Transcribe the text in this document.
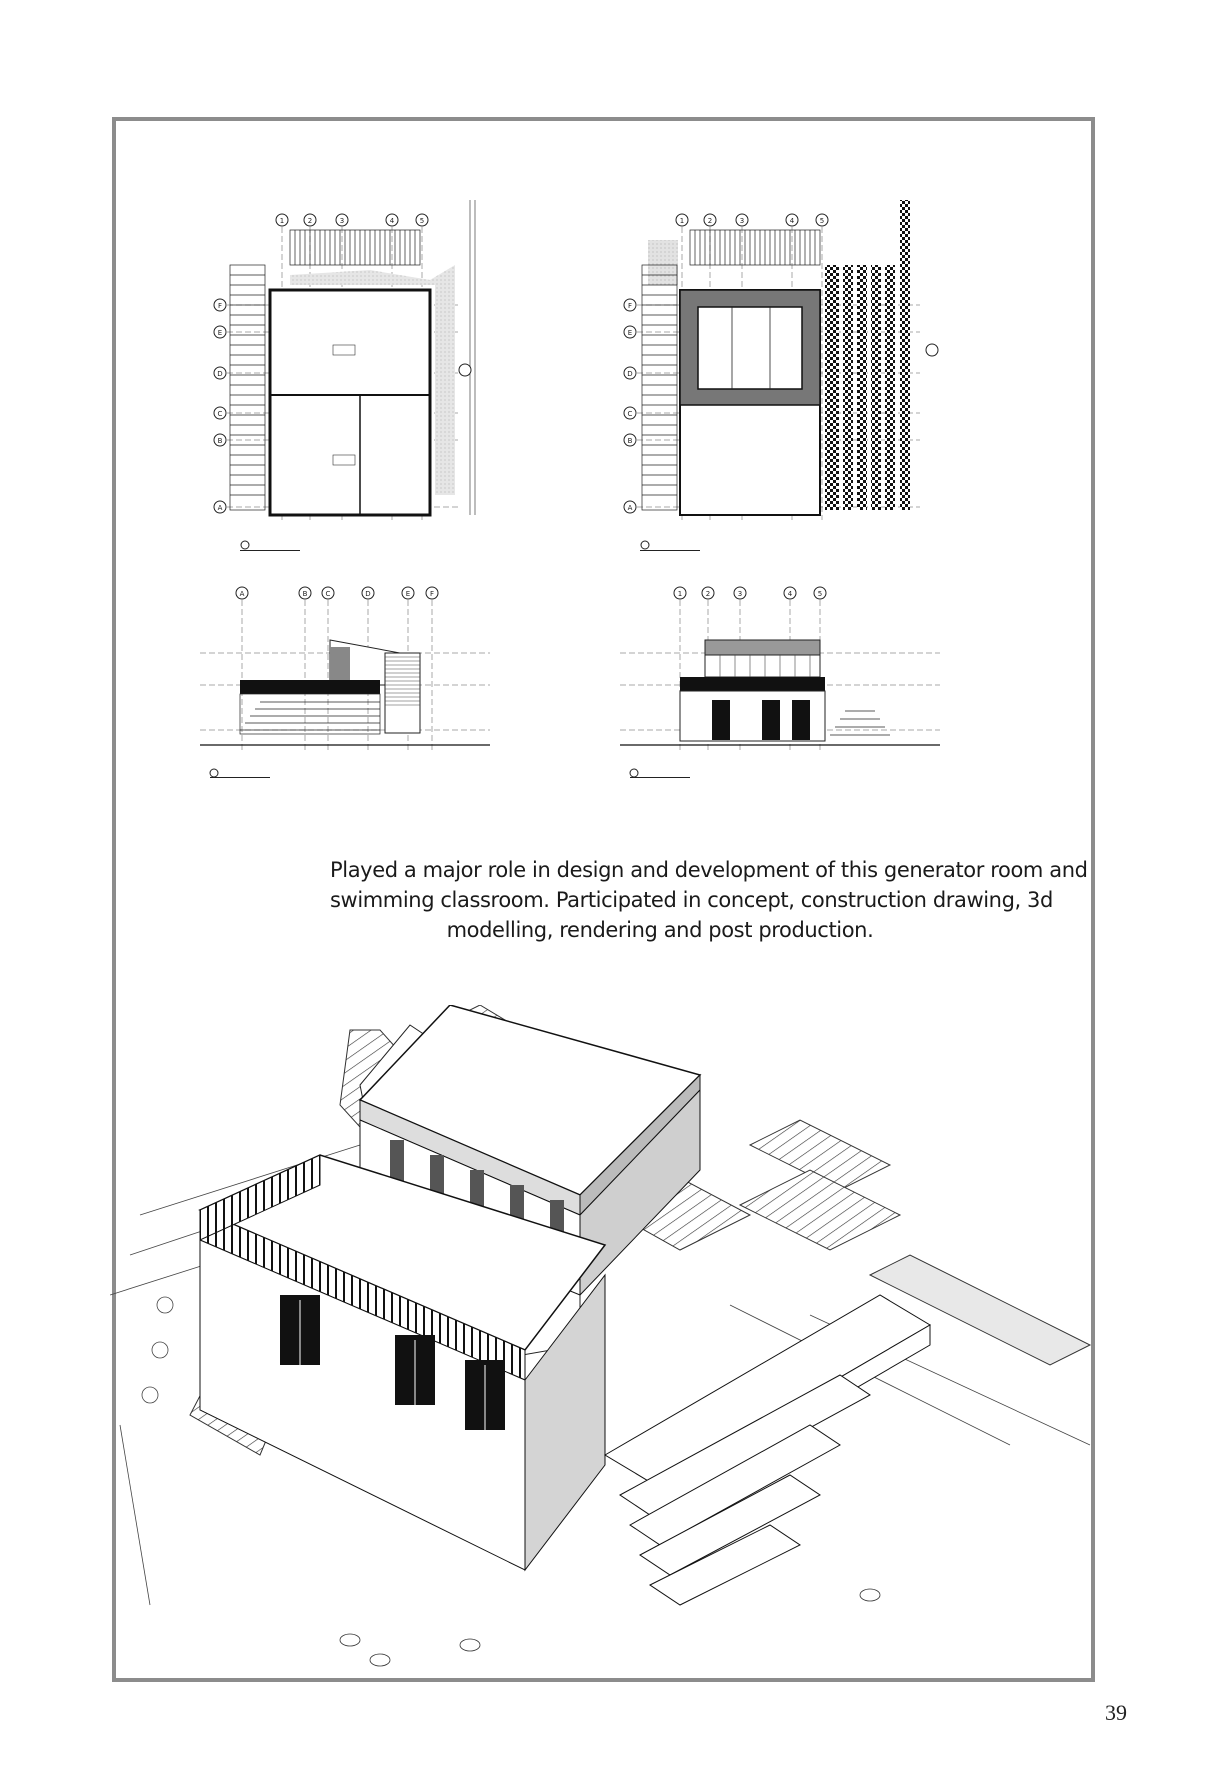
1	2	3	4	5
F
E
D
C
B
A
1	2	3	4	5
F
E
D
C
B
A
A	B	C	D	E	F	1	2	3	4	5
Played a major role in design and development of this generator room and
swimming classroom. Participated in concept, construction drawing, 3d
modelling, rendering and post production.
39
